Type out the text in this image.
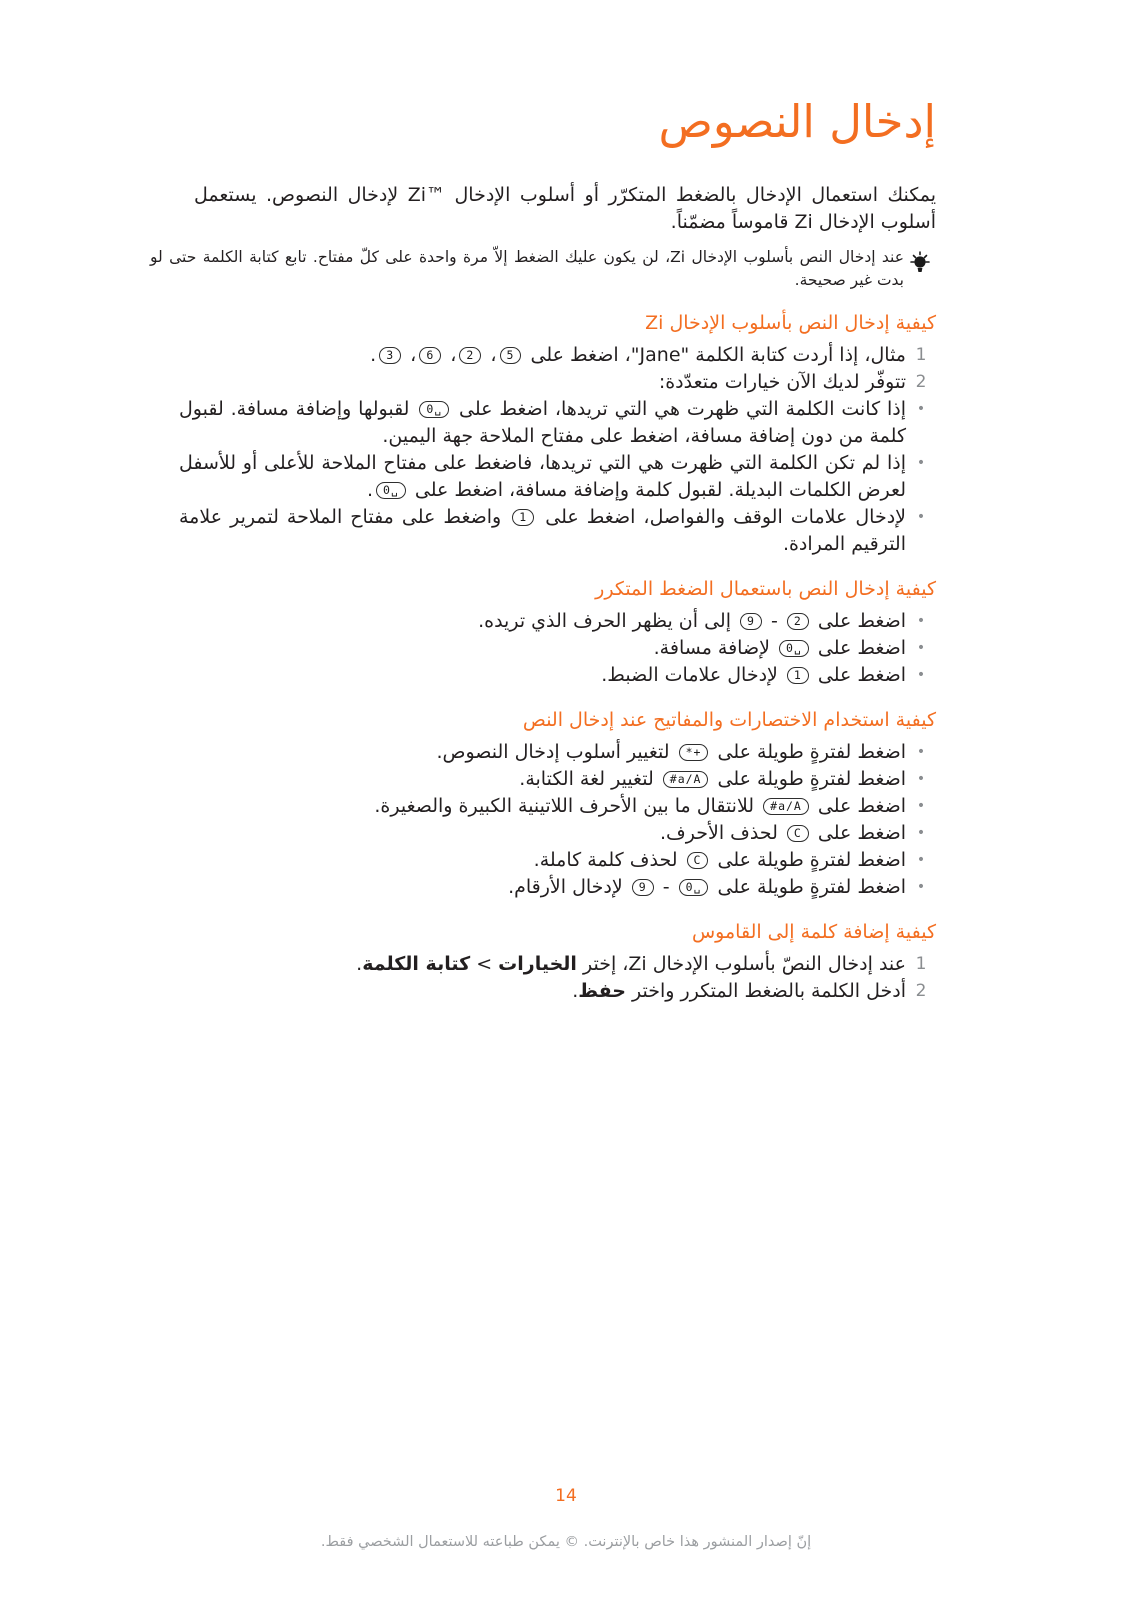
إدخال النصوص

يمكنك استعمال الإدخال بالضغط المتكرّر أو أسلوب الإدخال Zi™‎ لإدخال النصوص. يستعمل أسلوب الإدخال Zi قاموساً مضمّناً.

عند إدخال النص بأسلوب الإدخال Zi، لن يكون عليك الضغط إلاّ مرة واحدة على كلّ مفتاح. تابع كتابة الكلمة حتى لو بدت غير صحيحة.
كيفية إدخال النص بأسلوب الإدخال Zi
1
مثال، إذا أردت كتابة الكلمة "Jane"، اضغط على 5، 2، 6، 3.
2
تتوفّر لديك الآن خيارات متعدّدة:
•
إذا كانت الكلمة التي ظهرت هي التي تريدها، اضغط على 0␣ لقبولها وإضافة مسافة. لقبول كلمة من دون إضافة مسافة، اضغط على مفتاح الملاحة جهة اليمين.
•
إذا لم تكن الكلمة التي ظهرت هي التي تريدها، فاضغط على مفتاح الملاحة للأعلى أو للأسفل لعرض الكلمات البديلة. لقبول كلمة وإضافة مسافة، اضغط على 0␣.
•
لإدخال علامات الوقف والفواصل، اضغط على 1 واضغط على مفتاح الملاحة لتمرير علامة الترقيم المرادة.
كيفية إدخال النص باستعمال الضغط المتكرر
•
اضغط على 2 - 9 إلى أن يظهر الحرف الذي تريده.
•
اضغط على 0␣ لإضافة مسافة.
•
اضغط على 1 لإدخال علامات الضبط.
كيفية استخدام الاختصارات والمفاتيح عند إدخال النص
•
اضغط لفترةٍ طويلة على *+ لتغيير أسلوب إدخال النصوص.
•
اضغط لفترةٍ طويلة على #a/A لتغيير لغة الكتابة.
•
اضغط على #a/A للانتقال ما بين الأحرف اللاتينية الكبيرة والصغيرة.
•
اضغط على C لحذف الأحرف.
•
اضغط لفترةٍ طويلة على C لحذف كلمة كاملة.
•
اضغط لفترةٍ طويلة على 0␣ - 9 لإدخال الأرقام.
كيفية إضافة كلمة إلى القاموس
1
عند إدخال النصّ بأسلوب الإدخال Zi، إختر الخيارات > كتابة الكلمة.
2
أدخل الكلمة بالضغط المتكرر واختر حفظ.
14
إنّ إصدار المنشور هذا خاص بالإنترنت. © يمكن طباعته للاستعمال الشخصي فقط.
